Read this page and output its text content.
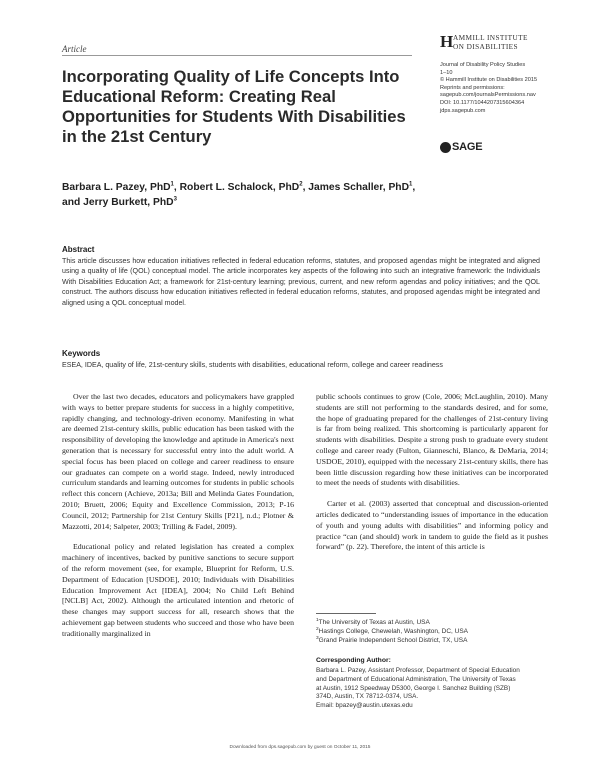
Article	H AMMILL INSTITUTE
ON DISABILITIES
Journal of Disability Policy Studies
1–10
© Hammill Institute on Disabilities 2015
Reprints and permissions:
sagepub.com/journalsPermissions.nav
DOI: 10.1177/1044207315604364
jdps.sagepub.com
SAGE
Incorporating Quality of Life Concepts Into Educational Reform: Creating Real Opportunities for Students With Disabilities in the 21st Century
Barbara L. Pazey, PhD$^1$, Robert L. Schalock, PhD$^2$, James Schaller, PhD$^1$,
and Jerry Burkett, PhD$^3$
Abstract
This article discusses how education initiatives reflected in federal education reforms, statutes, and proposed agendas might be integrated and aligned using a quality of life (QOL) conceptual model. The article incorporates key aspects of the following into such an integrative framework: the Individuals With Disabilities Education Act; a framework for 21st-century learning; previous, current, and new reform agendas and policy initiatives; and the QOL construct. The authors discuss how education initiatives reflected in federal education reforms, statutes, and proposed agendas might be integrated and aligned using a QOL conceptual model.
Keywords
ESEA, IDEA, quality of life, 21st-century skills, students with disabilities, educational reform, college and career readiness

Over the last two decades, educators and policymakers have grappled with ways to better prepare students for success in a highly competitive, rapidly changing, and technology-driven economy. Manifesting in what are deemed 21st-century skills, public education has been tasked with the responsibility of developing the knowledge and aptitude in America's next generation that is necessary for successful entry into the adult world. A special focus has been placed on college and career readiness to ensure our graduates can compete on a world stage. Indeed, newly introduced curriculum standards and learning outcomes for students in public schools reflect this concern (Achieve, 2013a; Bill and Melinda Gates Foundation, 2010; Bruett, 2006; Equity and Excellence Commission, 2013; P-16 Council, 2012; Partnership for 21st Century Skills [P21], n.d.; Plotner & Mazzotti, 2014; Salpeter, 2003; Trilling & Fadel, 2009).

Educational policy and related legislation has created a complex machinery of incentives, backed by punitive sanctions to secure support of the reform movement (see, for example, Blueprint for Reform, U.S. Department of Education [USDOE], 2010; Individuals with Disabilities Education Improvement Act [IDEA], 2004; No Child Left Behind [NCLB] Act, 2002). Although the articulated intention and rhetoric of these changes may support success for all, research shows that the achievement gap between students who succeed and those who have been traditionally marginalized in

public schools continues to grow (Cole, 2006; McLaughlin, 2010). Many students are still not performing to the standards desired, and for some, the hope of graduating prepared for the challenges of 21st-century living is far from being realized. This shortcoming is particularly apparent for students with disabilities. Despite a strong push to graduate every student college and career ready (Fulton, Gianneschi, Blanco, & DeMaria, 2014; USDOE, 2010), equipped with the necessary 21st-century skills, there has been little discussion regarding how these initiatives can be incorporated to meet the needs of students with disabilities.

Carter et al. (2003) asserted that conceptual and discussion-oriented articles dedicated to “understanding issues of importance in the education of youth and young adults with disabilities” and informing policy and practice “can (and should) work in tandem to guide the field as it pushes forward” (p. 22). Therefore, the intent of this article is

$^1$The University of Texas at Austin, USA
$^2$Hastings College, Chewelah, Washington, DC, USA
$^3$Grand Prairie Independent School District, TX, USA
Corresponding Author:
Barbara L. Pazey, Assistant Professor, Department of Special Education
and Department of Educational Administration, The University of Texas
at Austin, 1912 Speedway D5300, George I. Sanchez Building (SZB)
374D, Austin, TX 78712-0374, USA.
Email: bpazey@austin.utexas.edu
Downloaded from dps.sagepub.com by guest on October 11, 2015
